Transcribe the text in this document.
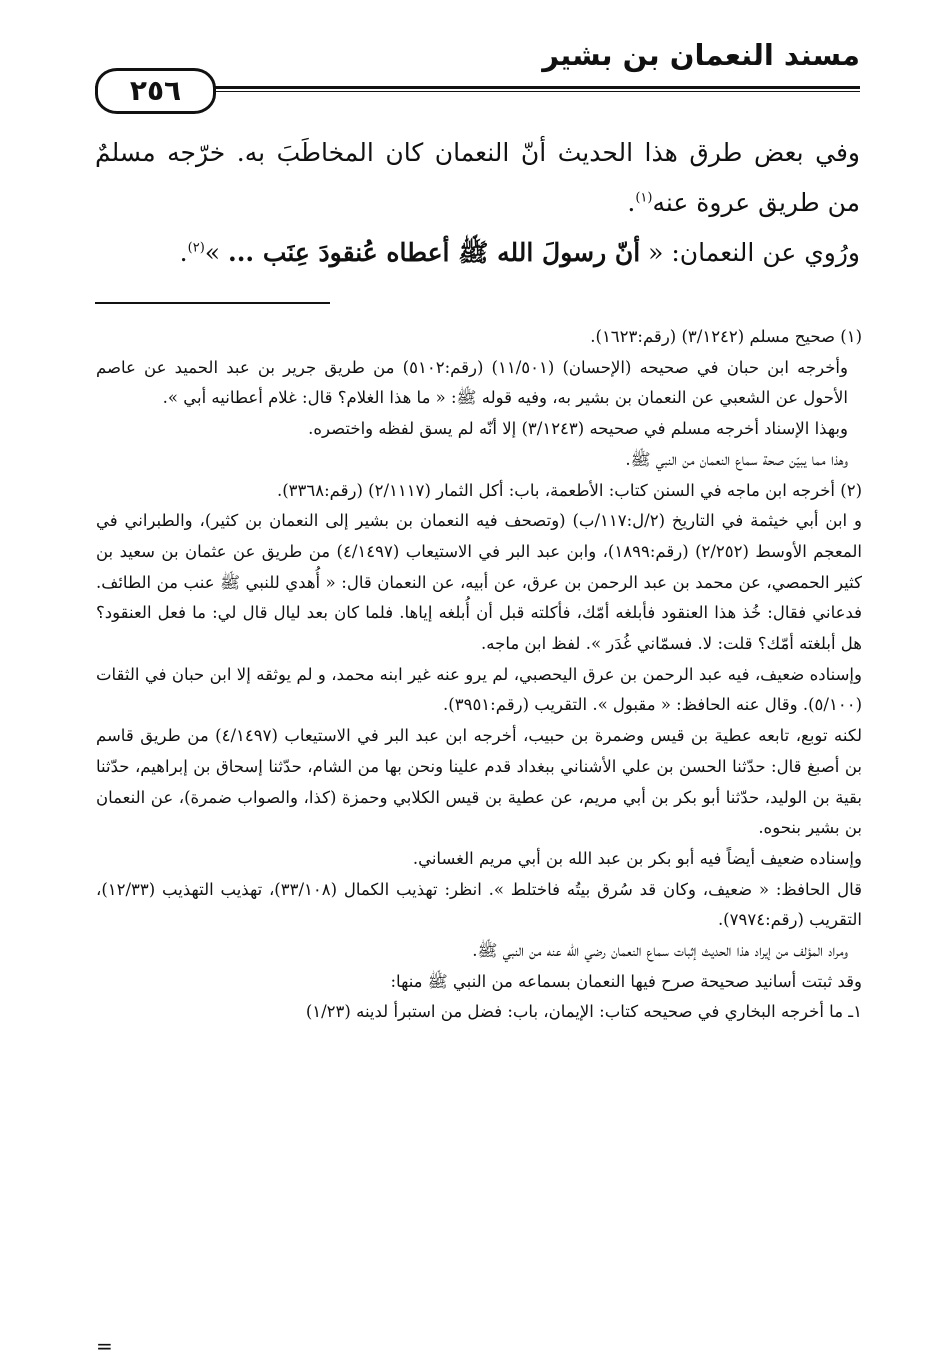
مسند النعمان بن بشير
٢٥٦

وفي بعض طرق هذا الحديث أنّ النعمان كان المخاطَبَ به. خرّجه مسلمٌ من طريق عروة عنه$^{(١)}$.

ورُوي عن النعمان: « أنّ رسولَ الله ﷺ أعطاه عُنقودَ عِنَب ... »$^{(٢)}$.

(١) صحيح مسلم (٣/١٢٤٢) (رقم:١٦٢٣).

وأخرجه ابن حبان في صحيحه (الإحسان) (١١/٥٠١) (رقم:٥١٠٢) من طريق جرير بن عبد الحميد عن عاصم الأحول عن الشعبي عن النعمان بن بشير به، وفيه قوله ﷺ: « ما هذا الغلام؟ قال: غلام أعطانيه أبي ».

وبهذا الإسناد أخرجه مسلم في صحيحه (٣/١٢٤٣) إلا أنّه لم يسق لفظه واختصره.

وهذا مما يبيّن صحة سماع النعمان من النبي ﷺ.

(٢) أخرجه ابن ماجه في السنن كتاب: الأطعمة، باب: أكل الثمار (٢/١١١٧) (رقم:٣٣٦٨).

و ابن أبي خيثمة في التاريخ (٢/ل:١١٧/ب) (وتصحف فيه النعمان بن بشير إلى النعمان بن كثير)، والطبراني في المعجم الأوسط (٢/٢٥٢) (رقم:١٨٩٩)، وابن عبد البر في الاستيعاب (٤/١٤٩٧) من طريق عن عثمان بن سعيد بن كثير الحمصي، عن محمد بن عبد الرحمن بن عرق، عن أبيه، عن النعمان قال: « أُهدي للنبي ﷺ عنب من الطائف. فدعاني فقال: خُذ هذا العنقود فأبلغه أمّك، فأكلته قبل أن أُبلغه إياها. فلما كان بعد ليال قال لي: ما فعل العنقود؟ هل أبلغته أمّك؟ قلت: لا. فسمّاني غُدَر ». لفظ ابن ماجه.

وإسناده ضعيف، فيه عبد الرحمن بن عرق اليحصبي، لم يرو عنه غير ابنه محمد، و لم يوثقه إلا ابن حبان في الثقات (٥/١٠٠). وقال عنه الحافظ: « مقبول ». التقريب (رقم:٣٩٥١).

لكنه توبع، تابعه عطية بن قيس وضمرة بن حبيب، أخرجه ابن عبد البر في الاستيعاب (٤/١٤٩٧) من طريق قاسم بن أصبغ قال: حدّثنا الحسن بن علي الأشناني ببغداد قدم علينا ونحن بها من الشام، حدّثنا إسحاق بن إبراهيم، حدّثنا بقية بن الوليد، حدّثنا أبو بكر بن أبي مريم، عن عطية بن قيس الكلابي وحمزة (كذا، والصواب ضمرة)، عن النعمان بن بشير بنحوه.

وإسناده ضعيف أيضاً فيه أبو بكر بن عبد الله بن أبي مريم الغساني.

قال الحافظ: « ضعيف، وكان قد سُرق بيتُه فاختلط ». انظر: تهذيب الكمال (٣٣/١٠٨)، تهذيب التهذيب (١٢/٣٣)، التقريب (رقم:٧٩٧٤).

ومراد المؤلف من إيراد هذا الحديث إثبات سماع النعمان رضي الله عنه من النبي ﷺ.

وقد ثبتت أسانيد صحيحة صرح فيها النعمان بسماعه من النبي ﷺ منها:

١ـ ما أخرجه البخاري في صحيحه كتاب: الإيمان، باب: فضل من استبرأ لدينه (١/٢٣)

=
